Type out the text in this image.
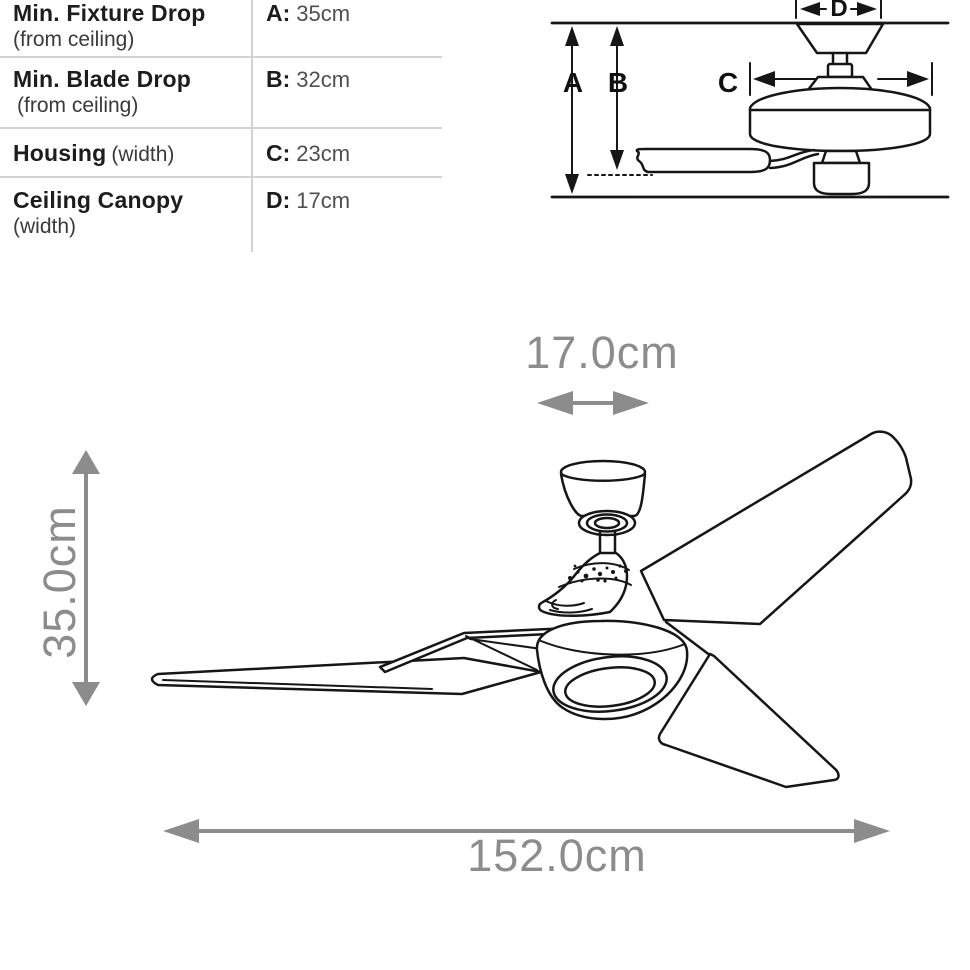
Min. Fixture Drop
(from ceiling)
A: 35cm
Min. Blade Drop
(from ceiling)
B: 32cm
Housing (width)	C: 23cm
Ceiling Canopy
(width)
D: 17cm
D
A B	C
17.0cm
35.0cm
152.0cm
